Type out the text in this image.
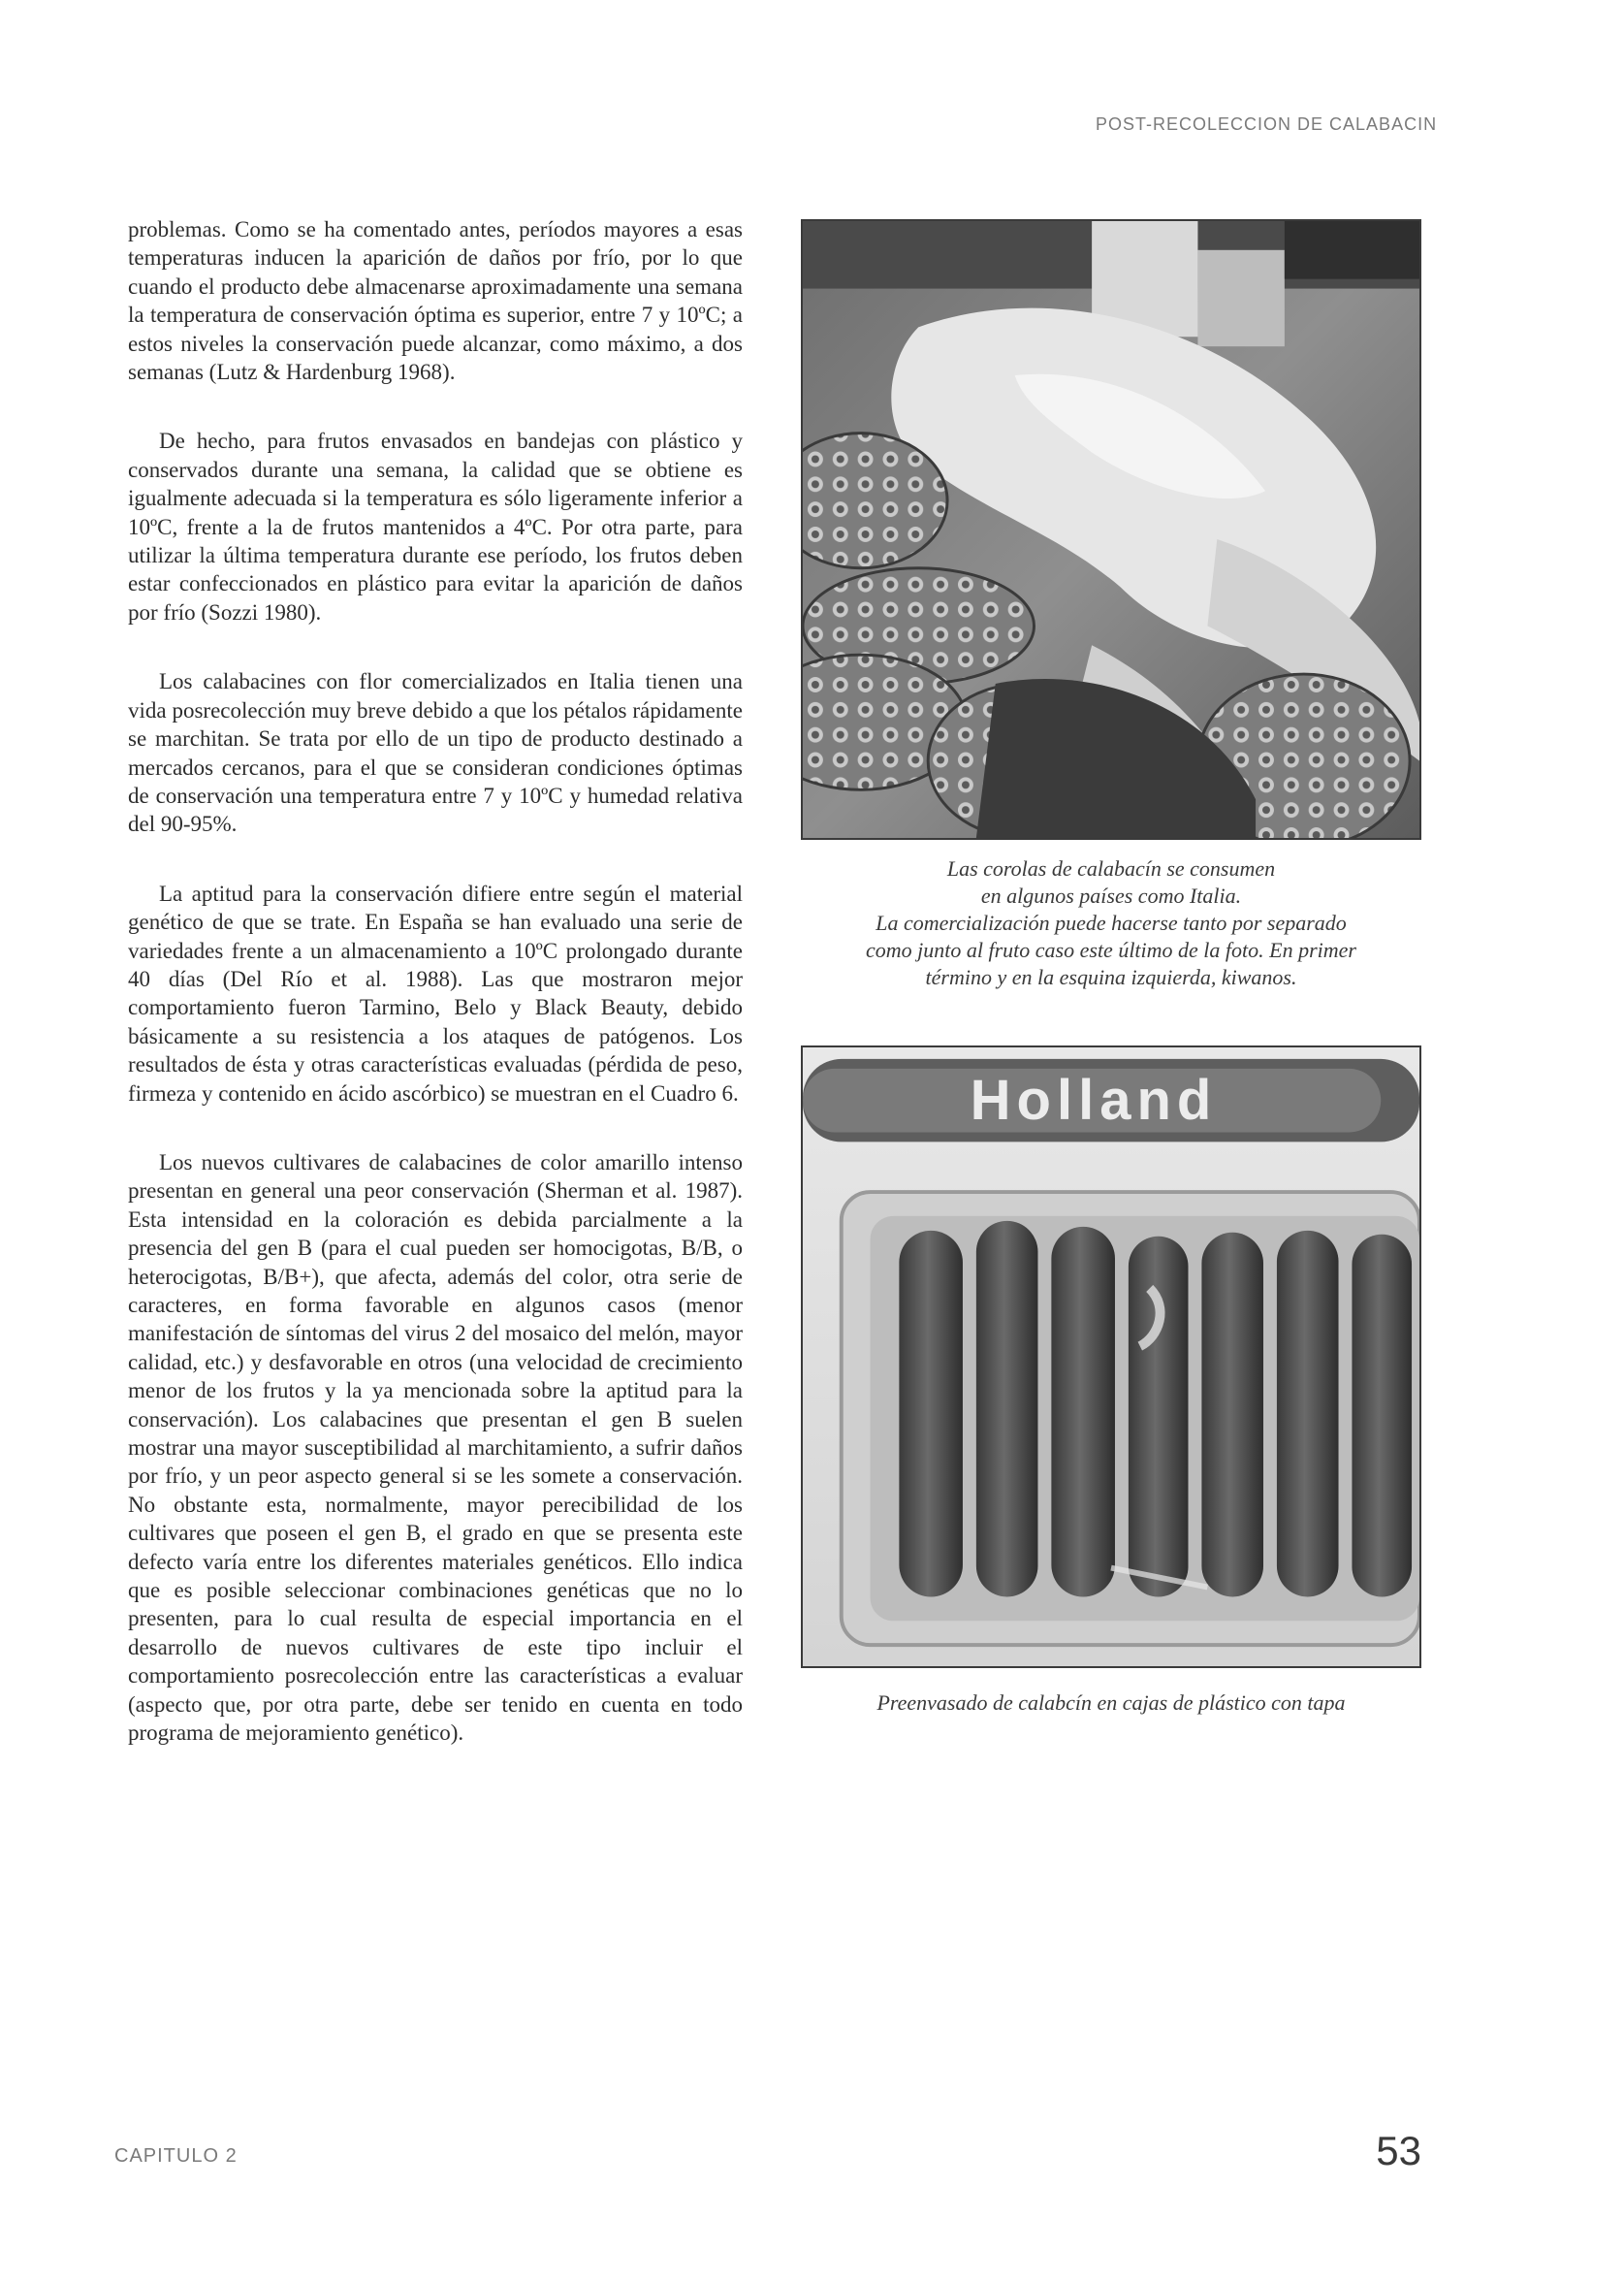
POST-RECOLECCION DE CALABACIN

problemas. Como se ha comentado antes, períodos mayores a esas temperaturas inducen la aparición de daños por frío, por lo que cuando el producto debe almacenarse aproximadamente una semana la temperatura de conservación óptima es superior, entre 7 y 10ºC; a estos niveles la conservación puede alcanzar, como máximo, a dos semanas (Lutz & Hardenburg 1968).

De hecho, para frutos envasados en bandejas con plástico y conservados durante una semana, la calidad que se obtiene es igualmente adecuada si la temperatura es sólo ligeramente inferior a 10ºC, frente a la de frutos mantenidos a 4ºC. Por otra parte, para utilizar la última temperatura durante ese período, los frutos deben estar confeccionados en plástico para evitar la aparición de daños por frío (Sozzi 1980).

Los calabacines con flor comercializados en Italia tienen una vida posrecolección muy breve debido a que los pétalos rápidamente se marchitan. Se trata por ello de un tipo de producto destinado a mercados cercanos, para el que se consideran condiciones óptimas de conservación una temperatura entre 7 y 10ºC y humedad relativa del 90-95%.

La aptitud para la conservación difiere entre según el material genético de que se trate. En España se han evaluado una serie de variedades frente a un almacenamiento a 10ºC prolongado durante 40 días (Del Río et al. 1988). Las que mostraron mejor comportamiento fueron Tarmino, Belo y Black Beauty, debido básicamente a su resistencia a los ataques de patógenos. Los resultados de ésta y otras características evaluadas (pérdida de peso, firmeza y contenido en ácido ascórbico) se muestran en el Cuadro 6.

Los nuevos cultivares de calabacines de color amarillo intenso presentan en general una peor conservación (Sherman et al. 1987). Esta intensidad en la coloración es debida parcialmente a la presencia del gen B (para el cual pueden ser homocigotas, B/B, o heterocigotas, B/B+), que afecta, además del color, otra serie de caracteres, en forma favorable en algunos casos (menor manifestación de síntomas del virus 2 del mosaico del melón, mayor calidad, etc.) y desfavorable en otros (una velocidad de crecimiento menor de los frutos y la ya mencionada sobre la aptitud para la conservación). Los calabacines que presentan el gen B suelen mostrar una mayor susceptibilidad al marchitamiento, a sufrir daños por frío, y un peor aspecto general si se les somete a conservación. No obstante esta, normalmente, mayor perecibilidad de los cultivares que poseen el gen B, el grado en que se presenta este defecto varía entre los diferentes materiales genéticos. Ello indica que es posible seleccionar combinaciones genéticas que no lo presenten, para lo cual resulta de especial importancia en el desarrollo de nuevos cultivares de este tipo incluir el comportamiento posrecolección entre las características a evaluar (aspecto que, por otra parte, debe ser tenido en cuenta en todo programa de mejoramiento genético).

Las corolas de calabacín se consumen
en algunos países como Italia.
La comercialización puede hacerse tanto por separado
como junto al fruto caso este último de la foto. En primer
término y en la esquina izquierda, kiwanos.
Holland
Preenvasado de calabcín en cajas de plástico con tapa
CAPITULO 2	53
